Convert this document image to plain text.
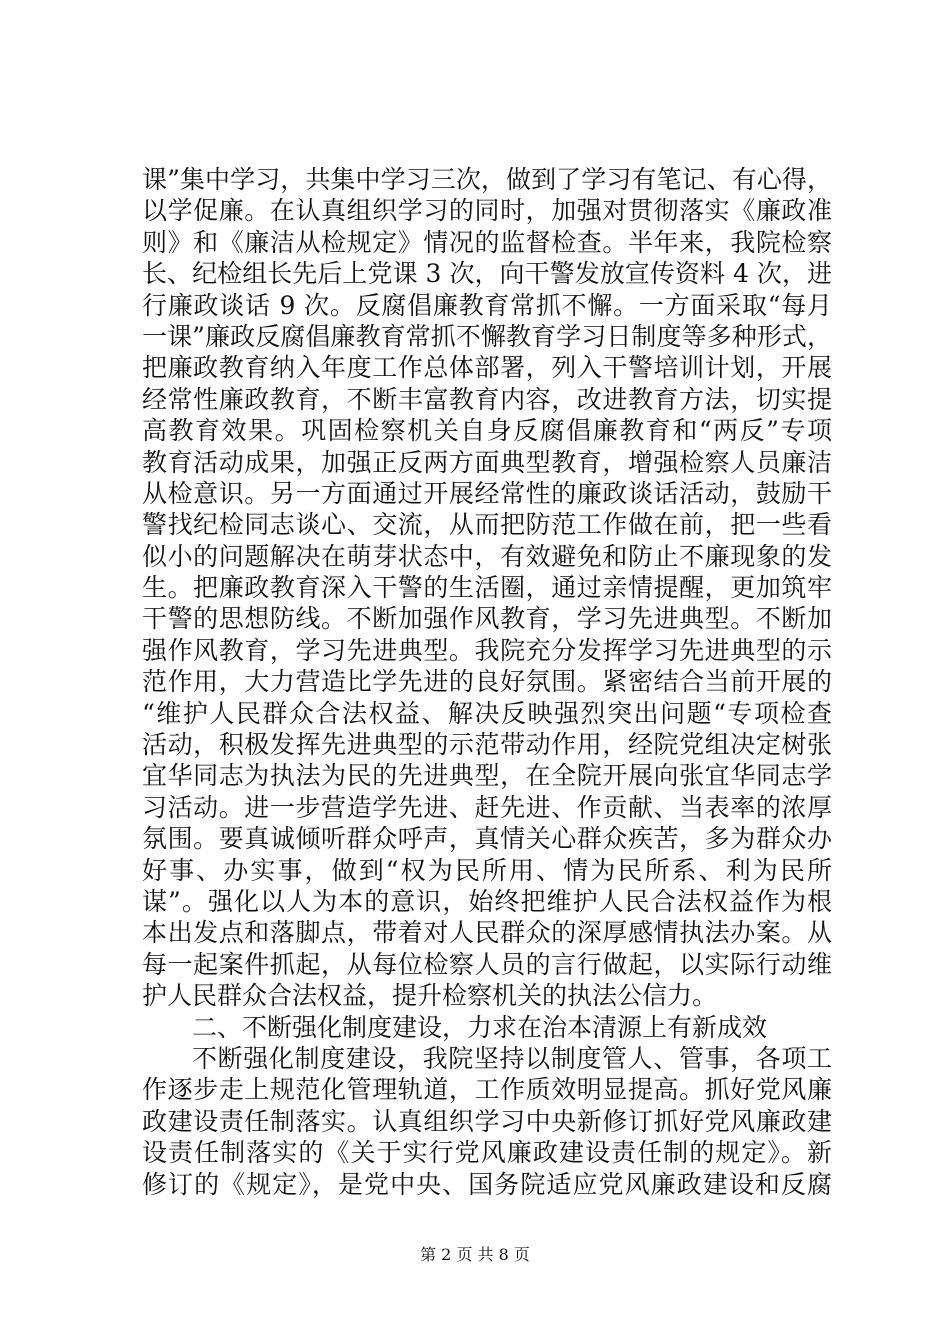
课”集中学习，共集中学习三次，做到了学习有笔记、有心得，
以学促廉。在认真组织学习的同时，加强对贯彻落实《廉政准
则》和《廉洁从检规定》情况的监督检查。半年来，我院检察
长、纪检组长先后上党课 3 次，向干警发放宣传资料 4 次，进
行廉政谈话 9 次。反腐倡廉教育常抓不懈。一方面采取“每月
一课”廉政反腐倡廉教育常抓不懈教育学习日制度等多种形式，
把廉政教育纳入年度工作总体部署，列入干警培训计划，开展
经常性廉政教育，不断丰富教育内容，改进教育方法，切实提
高教育效果。巩固检察机关自身反腐倡廉教育和“两反”专项
教育活动成果，加强正反两方面典型教育，增强检察人员廉洁
从检意识。另一方面通过开展经常性的廉政谈话活动，鼓励干
警找纪检同志谈心、交流，从而把防范工作做在前，把一些看
似小的问题解决在萌芽状态中，有效避免和防止不廉现象的发
生。把廉政教育深入干警的生活圈，通过亲情提醒，更加筑牢
干警的思想防线。不断加强作风教育，学习先进典型。不断加
强作风教育，学习先进典型。我院充分发挥学习先进典型的示
范作用，大力营造比学先进的良好氛围。紧密结合当前开展的
“维护人民群众合法权益、解决反映强烈突出问题“专项检查
活动，积极发挥先进典型的示范带动作用，经院党组决定树张
宜华同志为执法为民的先进典型，在全院开展向张宜华同志学
习活动。进一步营造学先进、赶先进、作贡献、当表率的浓厚
氛围。要真诚倾听群众呼声，真情关心群众疾苦，多为群众办
好事、办实事，做到“权为民所用、情为民所系、利为民所
谋”。强化以人为本的意识，始终把维护人民合法权益作为根
本出发点和落脚点，带着对人民群众的深厚感情执法办案。从
每一起案件抓起，从每位检察人员的言行做起，以实际行动维
护人民群众合法权益，提升检察机关的执法公信力。
二、不断强化制度建设，力求在治本清源上有新成效
不断强化制度建设，我院坚持以制度管人、管事，各项工
作逐步走上规范化管理轨道，工作质效明显提高。抓好党风廉
政建设责任制落实。认真组织学习中央新修订抓好党风廉政建
设责任制落实的《关于实行党风廉政建设责任制的规定》。新
修订的《规定》，是党中央、国务院适应党风廉政建设和反腐
第 2 页 共 8 页
